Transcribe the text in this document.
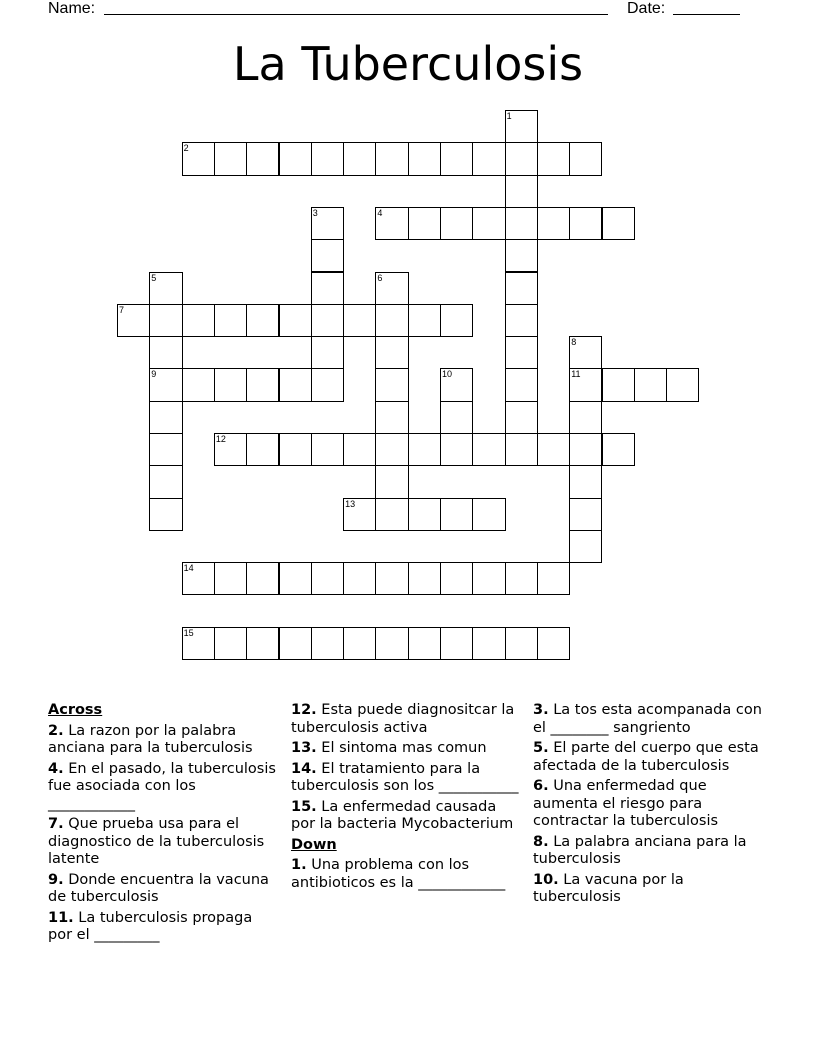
Name:	Date:
La Tuberculosis
1
2
3	4
5	6
7
8
9	10	11
12
13
14
15
Across
2. La razon por la palabra anciana para la tuberculosis
4. En el pasado, la tuberculosis fue asociada con los ____________
7. Que prueba usa para el diagnostico de la tuberculosis latente
9. Donde encuentra la vacuna de tuberculosis
11. La tuberculosis propaga por el _________
12. Esta puede diagnositcar la tuberculosis activa
13. El sintoma mas comun
14. El tratamiento para la tuberculosis son los ___________
15. La enfermedad causada por la bacteria Mycobacterium
Down
1. Una problema con los antibioticos es la ____________
3. La tos esta acompanada con el ________ sangriento
5. El parte del cuerpo que esta afectada de la tuberculosis
6. Una enfermedad que aumenta el riesgo para contractar la tuberculosis
8. La palabra anciana para la tuberculosis
10. La vacuna por la tuberculosis
